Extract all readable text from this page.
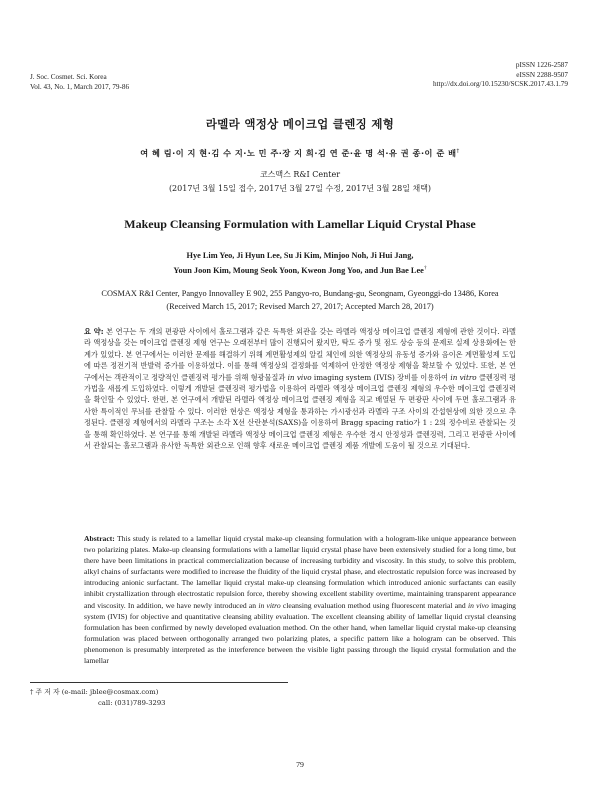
J. Soc. Cosmet. Sci. Korea
Vol. 43, No. 1, March 2017, 79-86
pISSN 1226-2587
eISSN 2288-9507
http://dx.doi.org/10.15230/SCSK.2017.43.1.79
라멜라 액정상 메이크업 클렌징 제형
여 혜 림·이 지 현·김 수 지·노 민 주·장 지 희·김 연 준·윤 명 석·유 권 종·이 준 배†
코스맥스 R&I Center
(2017년 3월 15일 접수, 2017년 3월 27일 수정, 2017년 3월 28일 채택)
Makeup Cleansing Formulation with Lamellar Liquid Crystal Phase
Hye Lim Yeo, Ji Hyun Lee, Su Ji Kim, Minjoo Noh, Ji Hui Jang,
Youn Joon Kim, Moung Seok Yoon, Kweon Jong Yoo, and Jun Bae Lee†
COSMAX R&I Center, Pangyo Innovalley E 902, 255 Pangyo-ro, Bundang-gu, Seongnam, Gyeonggi-do 13486, Korea
(Received March 15, 2017; Revised March 27, 2017; Accepted March 28, 2017)
요 약: 본 연구는 두 개의 편광판 사이에서 홀로그램과 같은 독특한 외관을 갖는 라멜라 액정상 메이크업 클렌징 제형에 관한 것이다. 라멜라 액정상을 갖는 메이크업 클렌징 제형 연구는 오래전부터 많이 진행되어 왔지만, 탁도 증가 및 점도 상승 등의 문제로 실제 상용화에는 한계가 있었다. 본 연구에서는 이러한 문제를 해결하기 위해 계면활성제의 알킬 체인에 의한 액정상의 유동성 증가와 음이온 계면활성제 도입에 따른 정전기적 반발력 증가를 이용하였다. 이를 통해 액정상의 결정화를 억제하여 안정한 액정상 제형을 확보할 수 있었다. 또한, 본 연구에서는 객관적이고 정량적인 클렌징력 평가를 위해 형광물질과 in vivo imaging system (IVIS) 장비를 이용하여 in vitro 클렌징력 평가법을 새롭게 도입하였다. 이렇게 개발된 클렌징력 평가법을 이용하여 라멜라 액정상 메이크업 클렌징 제형의 우수한 메이크업 클렌징력을 확인할 수 있었다. 한편, 본 연구에서 개발된 라멜라 액정상 메이크업 클렌징 제형을 직교 배열된 두 편광판 사이에 두면 홀로그램과 유사한 특이적인 무늬를 관찰할 수 있다. 이러한 현상은 액정상 제형을 통과하는 가시광선과 라멜라 구조 사이의 간섭현상에 의한 것으로 추정된다. 클렌징 제형에서의 라멜라 구조는 소각 X선 산란분석(SAXS)을 이용하여 Bragg spacing ratio가 1 : 2의 정수비로 관찰되는 것을 통해 확인하였다. 본 연구를 통해 개발된 라멜라 액정상 메이크업 클렌징 제형은 우수한 경시 안정성과 클렌징력, 그리고 편광판 사이에서 관찰되는 홀로그램과 유사한 독특한 외관으로 인해 향후 새로운 메이크업 클렌징 제품 개발에 도움이 될 것으로 기대된다.
Abstract: This study is related to a lamellar liquid crystal make-up cleansing formulation with a hologram-like unique appearance between two polarizing plates. Make-up cleansing formulations with a lamellar liquid crystal phase have been extensively studied for a long time, but there have been limitations in practical commercialization because of increasing turbidity and viscosity. In this study, to solve this problem, alkyl chains of surfactants were modified to increase the fluidity of the liquid crystal phase, and electrostatic repulsion force was increased by introducing anionic surfactant. The lamellar liquid crystal make-up cleansing formulation which introduced anionic surfactants can easily inhibit crystallization through electrostatic repulsion force, thereby showing excellent stability overtime, maintaining transparent appearance and viscosity. In addition, we have newly introduced an in vitro cleansing evaluation method using fluorescent material and in vivo imaging system (IVIS) for objective and quantitative cleansing ability evaluation. The excellent cleansing ability of lamellar liquid crystal cleansing formulation has been confirmed by newly developed evaluation method. On the other hand, when lamellar liquid crystal make-up cleansing formulation was placed between orthogonally arranged two polarizing plates, a specific pattern like a hologram can be observed. This phenomenon is presumably interpreted as the interference between the visible light passing through the liquid crystal formulation and the lamellar
† 주 저 자 (e-mail: jblee@cosmax.com)
call: (031)789-3293
79
